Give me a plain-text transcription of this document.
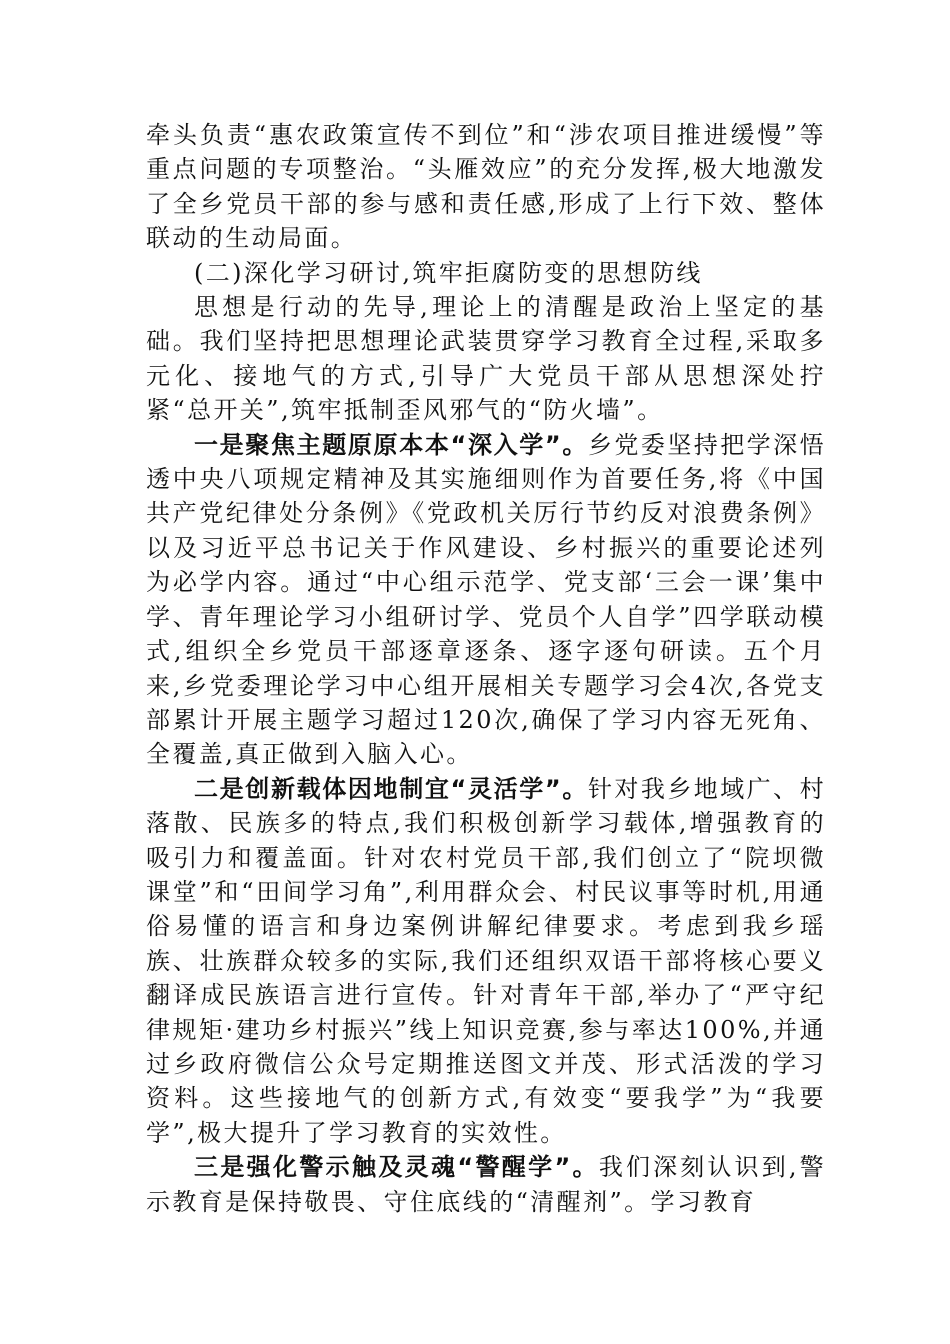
牵头负责“惠农政策宣传不到位”和“涉农项目推进缓慢”等重点问题的专项整治。“头雁效应”的充分发挥,极大地激发了全乡党员干部的参与感和责任感,形成了上行下效、整体联动的生动局面。

(二)深化学习研讨,筑牢拒腐防变的思想防线

思想是行动的先导,理论上的清醒是政治上坚定的基础。我们坚持把思想理论武装贯穿学习教育全过程,采取多元化、接地气的方式,引导广大党员干部从思想深处拧紧“总开关”,筑牢抵制歪风邪气的“防火墙”。

一是聚焦主题原原本本“深入学”。乡党委坚持把学深悟透中央八项规定精神及其实施细则作为首要任务,将《中国共产党纪律处分条例》《党政机关厉行节约反对浪费条例》以及习近平总书记关于作风建设、乡村振兴的重要论述列为必学内容。通过“中心组示范学、党支部‘三会一课’集中学、青年理论学习小组研讨学、党员个人自学”四学联动模式,组织全乡党员干部逐章逐条、逐字逐句研读。五个月来,乡党委理论学习中心组开展相关专题学习会4次,各党支部累计开展主题学习超过120次,确保了学习内容无死角、全覆盖,真正做到入脑入心。

二是创新载体因地制宜“灵活学”。针对我乡地域广、村落散、民族多的特点,我们积极创新学习载体,增强教育的吸引力和覆盖面。针对农村党员干部,我们创立了“院坝微课堂”和“田间学习角”,利用群众会、村民议事等时机,用通俗易懂的语言和身边案例讲解纪律要求。考虑到我乡瑶族、壮族群众较多的实际,我们还组织双语干部将核心要义翻译成民族语言进行宣传。针对青年干部,举办了“严守纪律规矩·建功乡村振兴”线上知识竞赛,参与率达100%,并通过乡政府微信公众号定期推送图文并茂、形式活泼的学习资料。这些接地气的创新方式,有效变“要我学”为“我要学”,极大提升了学习教育的实效性。

三是强化警示触及灵魂“警醒学”。我们深刻认识到,警示教育是保持敬畏、守住底线的“清醒剂”。学习教育
